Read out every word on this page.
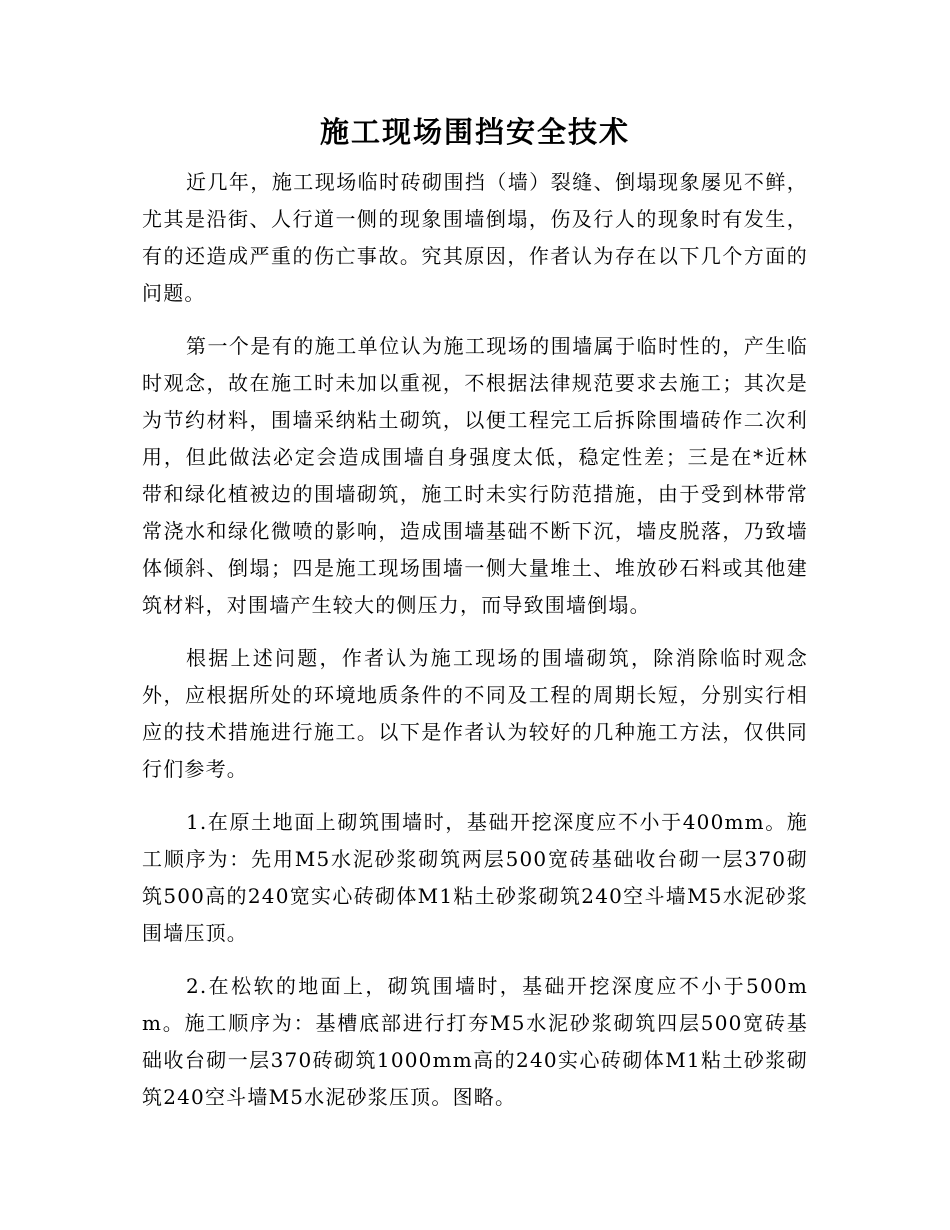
施工现场围挡安全技术

近几年，施工现场临时砖砌围挡（墙）裂缝、倒塌现象屡见不鲜，尤其是沿街、人行道一侧的现象围墙倒塌，伤及行人的现象时有发生，有的还造成严重的伤亡事故。究其原因，作者认为存在以下几个方面的问题。

第一个是有的施工单位认为施工现场的围墙属于临时性的，产生临时观念，故在施工时未加以重视，不根据法律规范要求去施工；其次是为节约材料，围墙采纳粘土砌筑，以便工程完工后拆除围墙砖作二次利用，但此做法必定会造成围墙自身强度太低，稳定性差；三是在*近林带和绿化植被边的围墙砌筑，施工时未实行防范措施，由于受到林带常常浇水和绿化微喷的影响，造成围墙基础不断下沉，墙皮脱落，乃致墙体倾斜、倒塌；四是施工现场围墙一侧大量堆土、堆放砂石料或其他建筑材料，对围墙产生较大的侧压力，而导致围墙倒塌。

根据上述问题，作者认为施工现场的围墙砌筑，除消除临时观念外，应根据所处的环境地质条件的不同及工程的周期长短，分别实行相应的技术措施进行施工。以下是作者认为较好的几种施工方法，仅供同行们参考。

1.在原土地面上砌筑围墙时，基础开挖深度应不小于400mm。施工顺序为：先用M5水泥砂浆砌筑两层500宽砖基础收台砌一层370砌筑500高的240宽实心砖砌体M1粘土砂浆砌筑240空斗墙M5水泥砂浆围墙压顶。

2.在松软的地面上，砌筑围墙时，基础开挖深度应不小于500mm。施工顺序为：基槽底部进行打夯M5水泥砂浆砌筑四层500宽砖基础收台砌一层370砖砌筑1000mm高的240实心砖砌体M1粘土砂浆砌筑240空斗墙M5水泥砂浆压顶。图略。
